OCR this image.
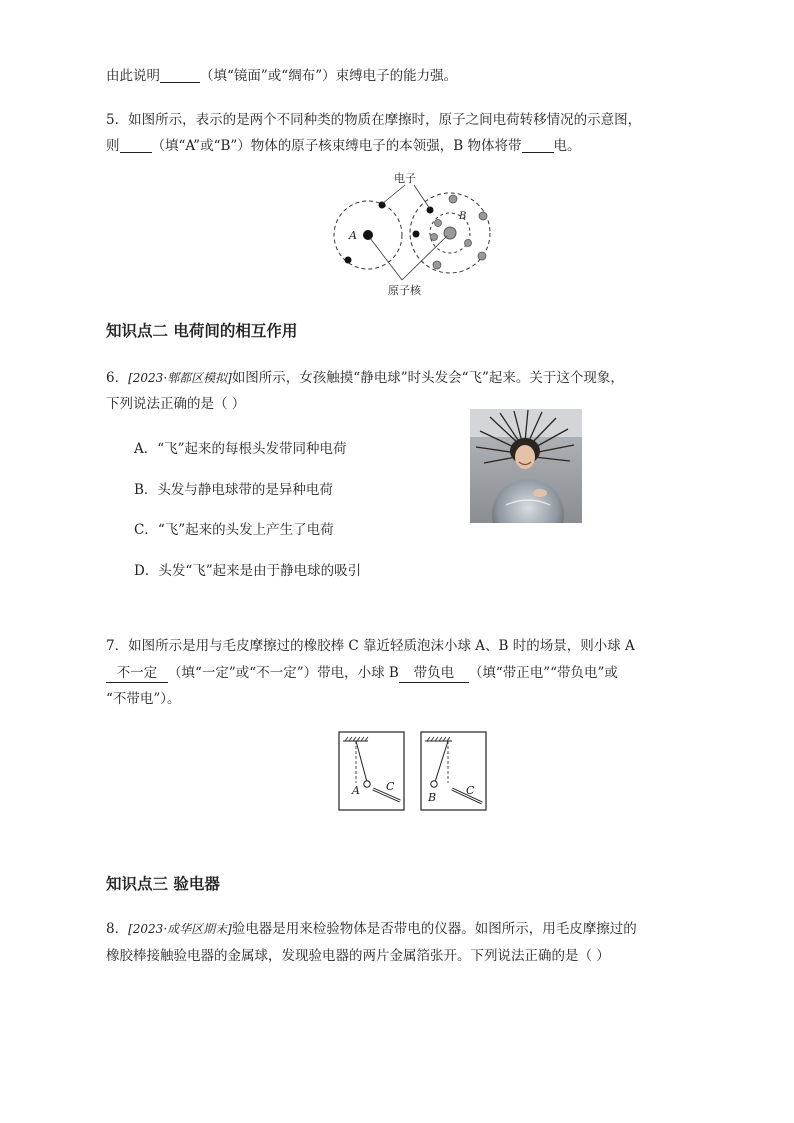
由此说明	（填“镜面”或“绸布”）束缚电子的能力强。
5．如图所示，表示的是两个不同种类的物质在摩擦时，原子之间电荷转移情况的示意图，
则 （填“A”或“B”）物体的原子核束缚电子的本领强，B 物体将带 电。
电子
原子核
A
B
知识点二 电荷间的相互作用
6．[2023·郫都区模拟]如图所示，女孩触摸“静电球”时头发会“飞”起来。关于这个现象，
下列说法正确的是（ ）
A．“飞”起来的每根头发带同种电荷
B．头发与静电球带的是异种电荷
C．“飞”起来的头发上产生了电荷
D．头发“飞”起来是由于静电球的吸引
7．如图所示是用与毛皮摩擦过的橡胶棒 C 靠近轻质泡沫小球 A、B 时的场景，则小球 A
不一定 （填“一定”或“不一定”）带电，小球 B 带负电 （填“带正电”“带负电”或
“不带电”）。
A C
B
C
知识点三 验电器
8．[2023·成华区期末]验电器是用来检验物体是否带电的仪器。如图所示，用毛皮摩擦过的
橡胶棒接触验电器的金属球，发现验电器的两片金属箔张开。下列说法正确的是（ ）
